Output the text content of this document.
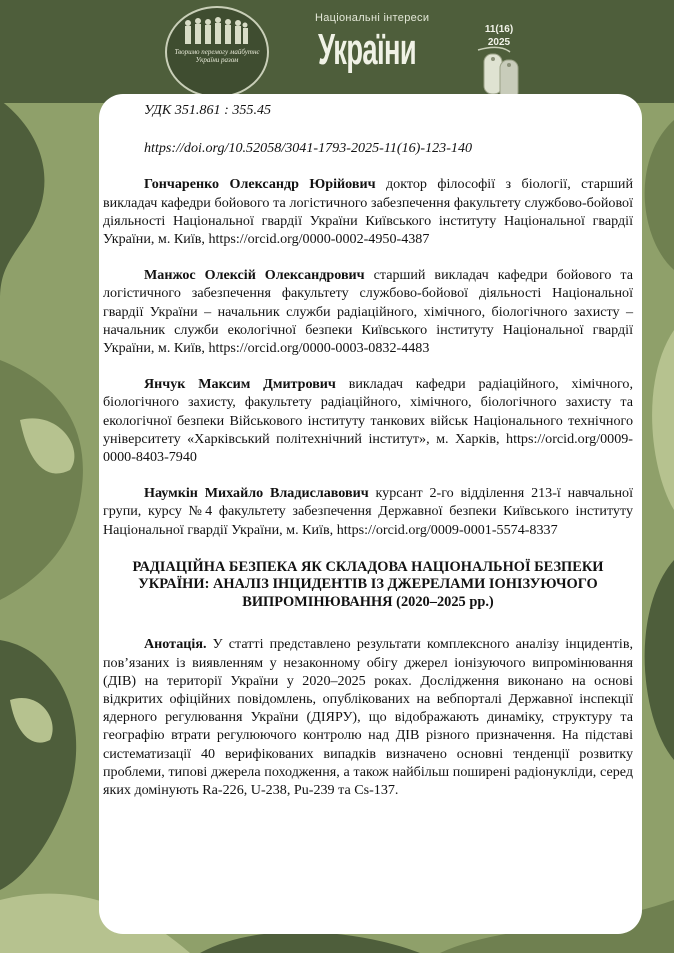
Творимо перемогу майбутнє України разом
Національні інтереси
України	11(16)
2025

УДК 351.861 : 355.45

https://doi.org/10.52058/3041-1793-2025-11(16)-123-140

Гончаренко Олександр Юрійович доктор філософії з біології, старший викладач кафедри бойового та логістичного забезпечення факультету службово-бойової діяльності Національної гвардії України Київського інституту Національної гвардії України, м. Київ, https://orcid.org/0000-0002-4950-4387

Манжос Олексій Олександрович старший викладач кафедри бойового та логістичного забезпечення факультету службово-бойової діяльності Національної гвардії України – начальник служби радіаційного, хімічного, біологічного захисту – начальник служби екологічної безпеки Київського інституту Національної гвардії України, м. Київ, https://orcid.org/0000-0003-0832-4483

Янчук Максим Дмитрович викладач кафедри радіаційного, хімічного, біологічного захисту, факультету радіаційного, хімічного, біологічного захисту та екологічної безпеки Військового інституту танкових військ Національного технічного університету «Харківський політехнічний інститут», м. Харків, https://orcid.org/0009-0000-8403-7940

Наумкін Михайло Владиславович курсант 2-го відділення 213-ї навчальної групи, курсу №4 факультету забезпечення Державної безпеки Київського інституту Національної гвардії України, м. Київ, https://orcid.org/0009-0001-5574-8337

РАДІАЦІЙНА БЕЗПЕКА ЯК СКЛАДОВА НАЦІОНАЛЬНОЇ БЕЗПЕКИ УКРАЇНИ: АНАЛІЗ ІНЦИДЕНТІВ ІЗ ДЖЕРЕЛАМИ ІОНІЗУЮЧОГО ВИПРОМІНЮВАННЯ (2020–2025 рр.)

Анотація. У статті представлено результати комплексного аналізу інцидентів, пов’язаних із виявленням у незаконному обігу джерел іонізуючого випромінювання (ДІВ) на території України у 2020–2025 роках. Дослідження виконано на основі відкритих офіційних повідомлень, опублікованих на вебпорталі Державної інспекції ядерного регулювання України (ДІЯРУ), що відображають динаміку, структуру та географію втрати регулюючого контролю над ДІВ різного призначення. На підставі систематизації 40 верифікованих випадків визначено основні тенденції розвитку проблеми, типові джерела походження, а також найбільш поширені радіонукліди, серед яких домінують Ra-226, U-238, Pu-239 та Cs-137.

123
